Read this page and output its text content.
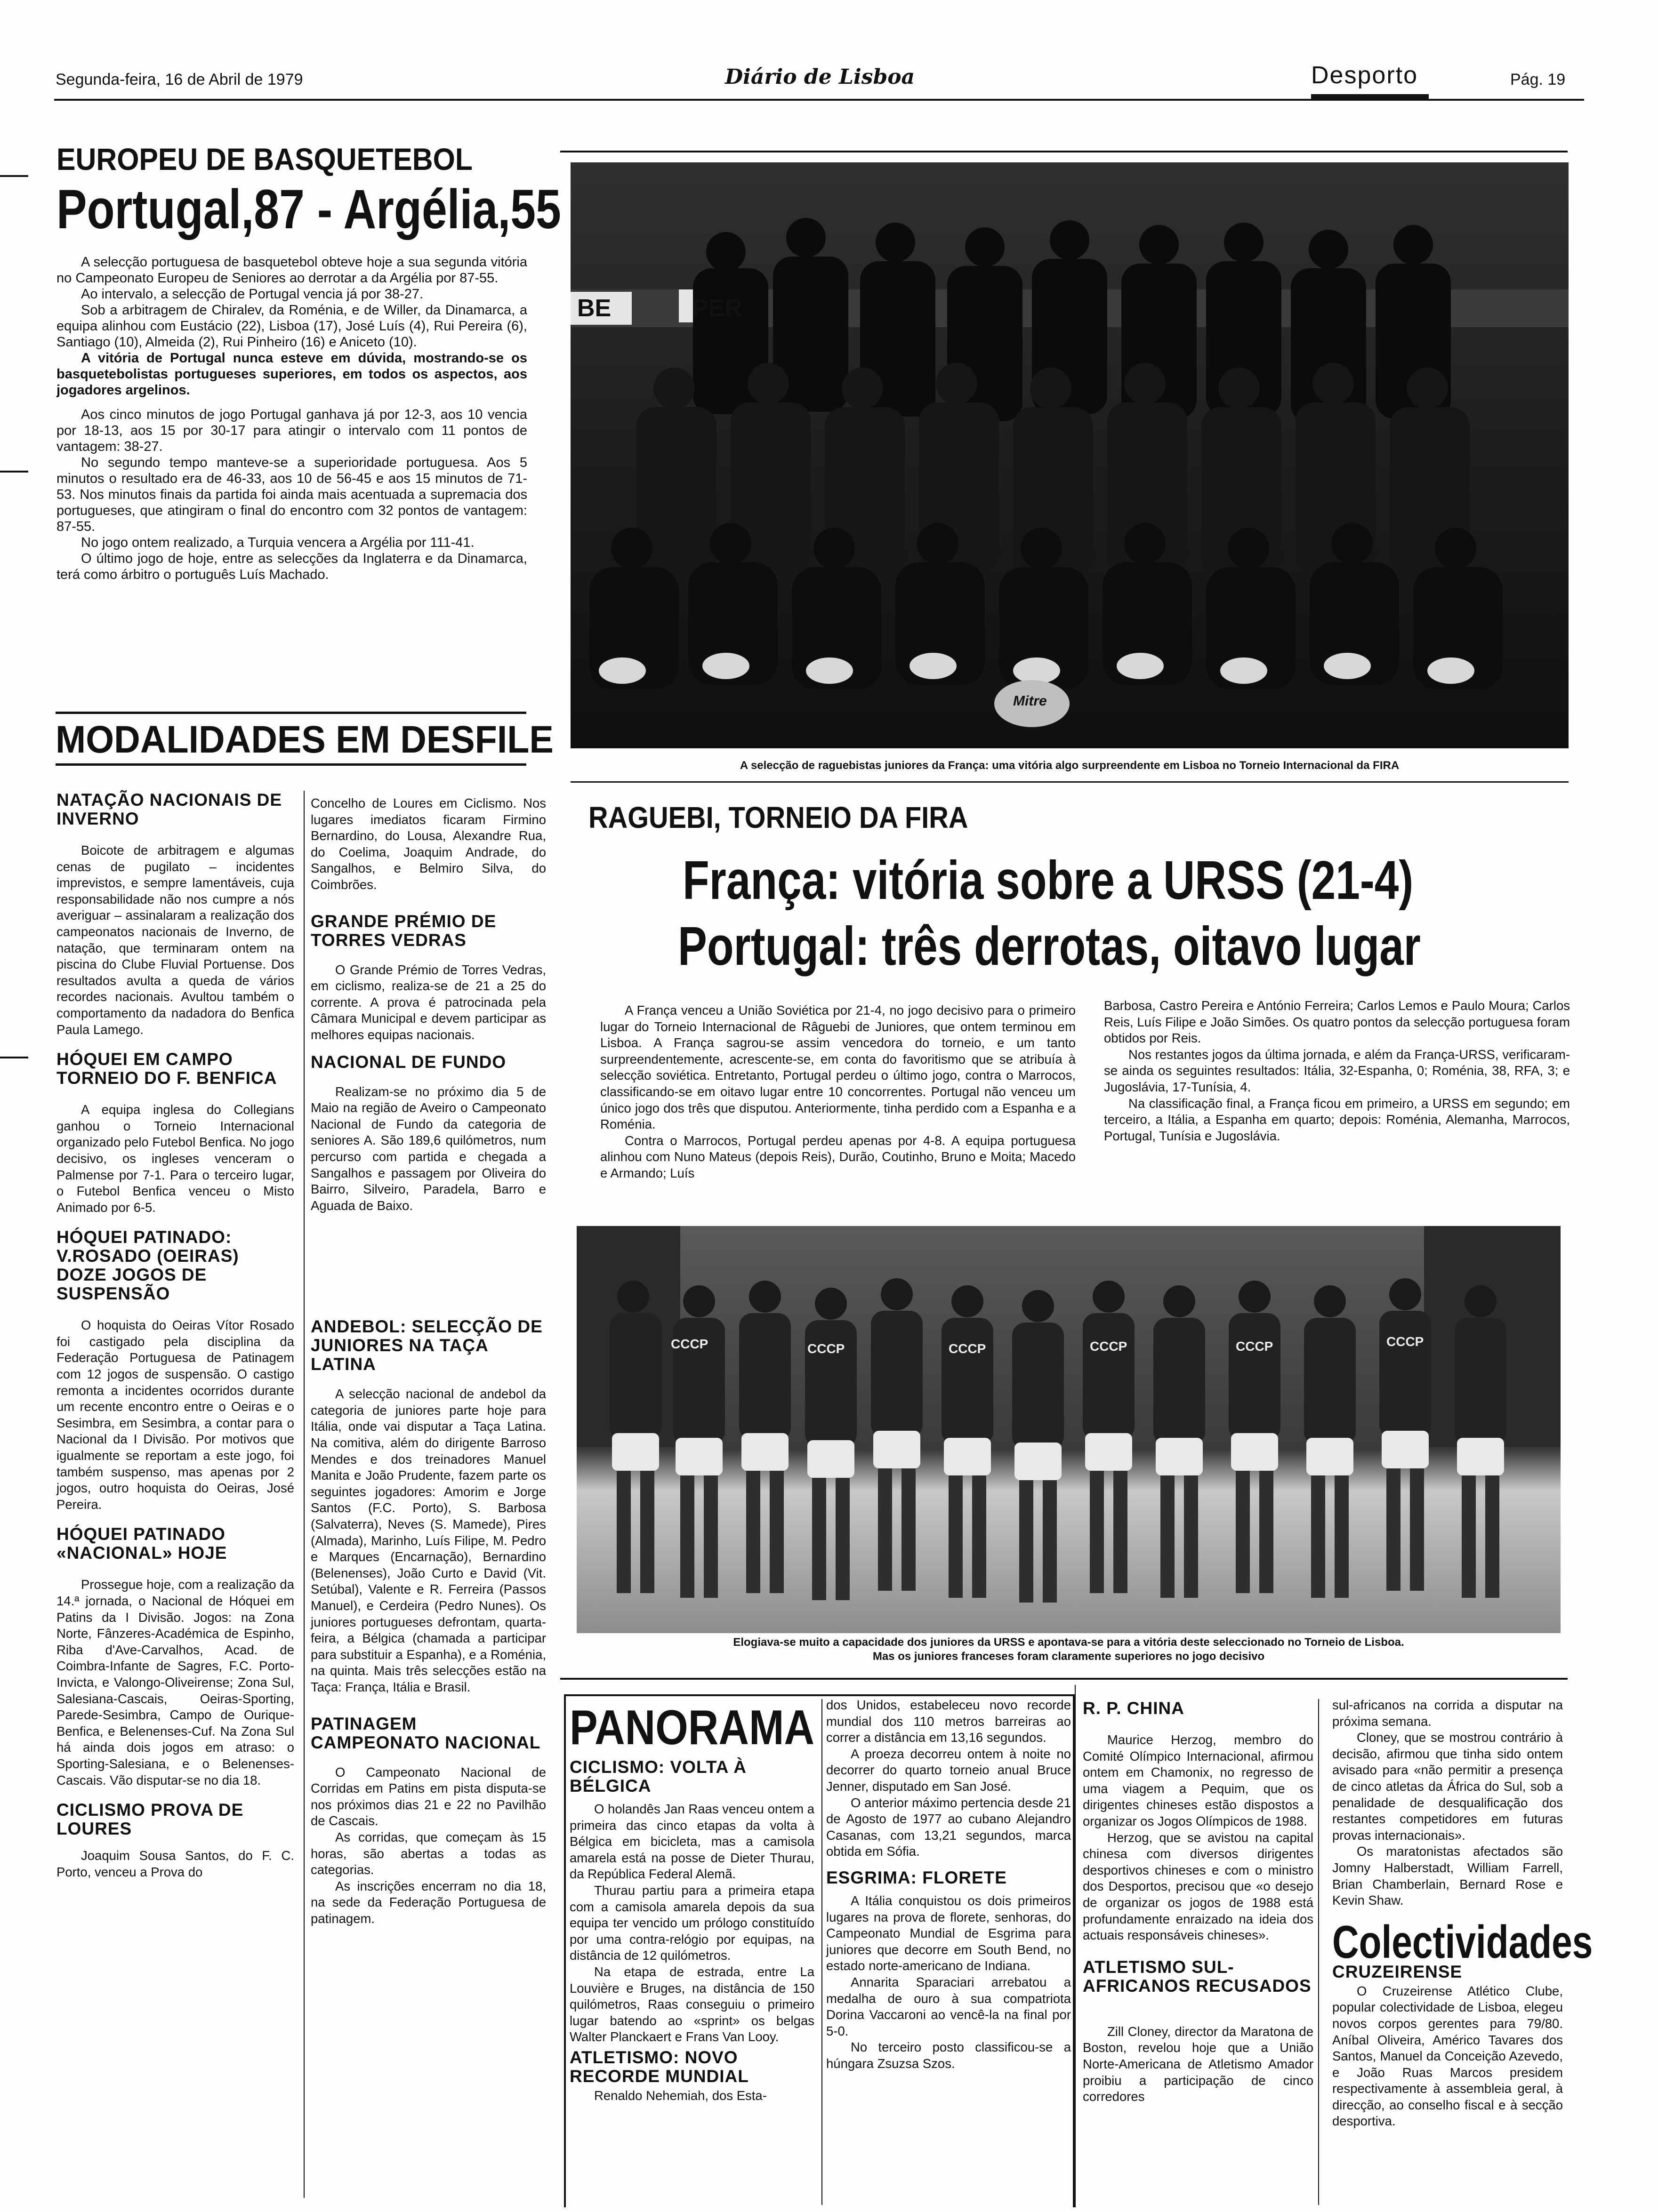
Segunda-feira, 16 de Abril de 1979	Diário de Lisboa	Desporto	Pág. 19
EUROPEU DE BASQUETEBOL
Portugal,87 - Argélia,55

A selecção portuguesa de basquetebol obteve hoje a sua segunda vitória no Campeonato Europeu de Seniores ao derrotar a da Argélia por 87-55.

Ao intervalo, a selecção de Portugal vencia já por 38-27.

Sob a arbitragem de Chiralev, da Roménia, e de Willer, da Dinamarca, a equipa alinhou com Eustácio (22), Lisboa (17), José Luís (4), Rui Pereira (6), Santiago (10), Almeida (2), Rui Pinheiro (16) e Aniceto (10).

A vitória de Portugal nunca esteve em dúvida, mostrando-se os basquetebolistas portugueses superiores, em todos os aspectos, aos jogadores argelinos.

Aos cinco minutos de jogo Portugal ganhava já por 12-3, aos 10 vencia por 18-13, aos 15 por 30-17 para atingir o intervalo com 11 pontos de vantagem: 38-27.

No segundo tempo manteve-se a superioridade portuguesa. Aos 5 minutos o resultado era de 46-33, aos 10 de 56-45 e aos 15 minutos de 71-53. Nos minutos finais da partida foi ainda mais acentuada a supremacia dos portugueses, que atingiram o final do encontro com 32 pontos de vantagem: 87-55.

No jogo ontem realizado, a Turquia vencera a Argélia por 111-41.

O último jogo de hoje, entre as selecções da Inglaterra e da Dinamarca, terá como árbitro o português Luís Machado.

MODALIDADES EM DESFILE
NATAÇÃO NACIONAIS DE INVERNO

Boicote de arbitragem e algumas cenas de pugilato – incidentes imprevistos, e sempre lamentáveis, cuja responsabilidade não nos cumpre a nós averiguar – assinalaram a realização dos campeonatos nacionais de Inverno, de natação, que terminaram ontem na piscina do Clube Fluvial Portuense. Dos resultados avulta a queda de vários recordes nacionais. Avultou também o comportamento da nadadora do Benfica Paula Lamego.

HÓQUEI EM CAMPO TORNEIO DO F. BENFICA

A equipa inglesa do Collegians ganhou o Torneio Internacional organizado pelo Futebol Benfica. No jogo decisivo, os ingleses venceram o Palmense por 7-1. Para o terceiro lugar, o Futebol Benfica venceu o Misto Animado por 6-5.

HÓQUEI PATINADO: V.ROSADO (OEIRAS) DOZE JOGOS DE SUSPENSÃO

O hoquista do Oeiras Vítor Rosado foi castigado pela disciplina da Federação Portuguesa de Patinagem com 12 jogos de suspensão. O castigo remonta a incidentes ocorridos durante um recente encontro entre o Oeiras e o Sesimbra, em Sesimbra, a contar para o Nacional da I Divisão. Por motivos que igualmente se reportam a este jogo, foi também suspenso, mas apenas por 2 jogos, outro hoquista do Oeiras, José Pereira.

HÓQUEI PATINADO «NACIONAL» HOJE

Prossegue hoje, com a realização da 14.ª jornada, o Nacional de Hóquei em Patins da I Divisão. Jogos: na Zona Norte, Fânzeres-Académica de Espinho, Riba d'Ave-Carvalhos, Acad. de Coimbra-Infante de Sagres, F.C. Porto-Invicta, e Valongo-Oliveirense; Zona Sul, Salesiana-Cascais, Oeiras-Sporting, Parede-Sesimbra, Campo de Ourique-Benfica, e Belenenses-Cuf. Na Zona Sul há ainda dois jogos em atraso: o Sporting-Salesiana, e o Belenenses-Cascais. Vão disputar-se no dia 18.

CICLISMO PROVA DE LOURES

Joaquim Sousa Santos, do F. C. Porto, venceu a Prova do

Concelho de Loures em Ciclismo. Nos lugares imediatos ficaram Firmino Bernardino, do Lousa, Alexandre Rua, do Coelima, Joaquim Andrade, do Sangalhos, e Belmiro Silva, do Coimbrões.

GRANDE PRÉMIO DE TORRES VEDRAS

O Grande Prémio de Torres Vedras, em ciclismo, realiza-se de 21 a 25 do corrente. A prova é patrocinada pela Câmara Municipal e devem participar as melhores equipas nacionais.

NACIONAL DE FUNDO

Realizam-se no próximo dia 5 de Maio na região de Aveiro o Campeonato Nacional de Fundo da categoria de seniores A. São 189,6 quilómetros, num percurso com partida e chegada a Sangalhos e passagem por Oliveira do Bairro, Silveiro, Paradela, Barro e Aguada de Baixo.

ANDEBOL: SELECÇÃO DE JUNIORES NA TAÇA LATINA

A selecção nacional de andebol da categoria de juniores parte hoje para Itália, onde vai disputar a Taça Latina. Na comitiva, além do dirigente Barroso Mendes e dos treinadores Manuel Manita e João Prudente, fazem parte os seguintes jogadores: Amorim e Jorge Santos (F.C. Porto), S. Barbosa (Salvaterra), Neves (S. Mamede), Pires (Almada), Marinho, Luís Filipe, M. Pedro e Marques (Encarnação), Bernardino (Belenenses), João Curto e David (Vit. Setúbal), Valente e R. Ferreira (Passos Manuel), e Cerdeira (Pedro Nunes). Os juniores portugueses defrontam, quarta-feira, a Bélgica (chamada a participar para substituir a Espanha), e a Roménia, na quinta. Mais três selecções estão na Taça: França, Itália e Brasil.

PATINAGEM CAMPEONATO NACIONAL

O Campeonato Nacional de Corridas em Patins em pista disputa-se nos próximos dias 21 e 22 no Pavilhão de Cascais.

As corridas, que começam às 15 horas, são abertas a todas as categorias.

As inscrições encerram no dia 18, na sede da Federação Portuguesa de patinagem.

BE	PER
Mitre
A selecção de raguebistas juniores da França: uma vitória algo surpreendente em Lisboa no Torneio Internacional da FIRA
RAGUEBI, TORNEIO DA FIRA
França: vitória sobre a URSS (21-4)
Portugal: três derrotas, oitavo lugar

A França venceu a União Soviética por 21-4, no jogo decisivo para o primeiro lugar do Torneio Internacional de Râguebi de Juniores, que ontem terminou em Lisboa. A França sagrou-se assim vencedora do torneio, e um tanto surpreendentemente, acrescente-se, em conta do favoritismo que se atribuía à selecção soviética. Entretanto, Portugal perdeu o último jogo, contra o Marrocos, classificando-se em oitavo lugar entre 10 concorrentes. Portugal não venceu um único jogo dos três que disputou. Anteriormente, tinha perdido com a Espanha e a Roménia.

Contra o Marrocos, Portugal perdeu apenas por 4-8. A equipa portuguesa alinhou com Nuno Mateus (depois Reis), Durão, Coutinho, Bruno e Moita; Macedo e Armando; Luís

Barbosa, Castro Pereira e António Ferreira; Carlos Lemos e Paulo Moura; Carlos Reis, Luís Filipe e João Simões. Os quatro pontos da selecção portuguesa foram obtidos por Reis.

Nos restantes jogos da última jornada, e além da França-URSS, verificaram-se ainda os seguintes resultados: Itália, 32-Espanha, 0; Roménia, 38, RFA, 3; e Jugoslávia, 17-Tunísia, 4.

Na classificação final, a França ficou em primeiro, a URSS em segundo; em terceiro, a Itália, a Espanha em quarto; depois: Roménia, Alemanha, Marrocos, Portugal, Tunísia e Jugoslávia.

CCCP	CCCP	CCCP	CCCP	CCCP	CCCP
Elogiava-se muito a capacidade dos juniores da URSS e apontava-se para a vitória deste seleccionado no Torneio de Lisboa.
Mas os juniores franceses foram claramente superiores no jogo decisivo
PANORAMA
CICLISMO: VOLTA À BÉLGICA

O holandês Jan Raas venceu ontem a primeira das cinco etapas da volta à Bélgica em bicicleta, mas a camisola amarela está na posse de Dieter Thurau, da República Federal Alemã.

Thurau partiu para a primeira etapa com a camisola amarela depois da sua equipa ter vencido um prólogo constituído por uma contra-relógio por equipas, na distância de 12 quilómetros.

Na etapa de estrada, entre La Louvière e Bruges, na distância de 150 quilómetros, Raas conseguiu o primeiro lugar batendo ao «sprint» os belgas Walter Planckaert e Frans Van Looy.

ATLETISMO: NOVO RECORDE MUNDIAL

Renaldo Nehemiah, dos Esta-

dos Unidos, estabeleceu novo recorde mundial dos 110 metros barreiras ao correr a distância em 13,16 segundos.

A proeza decorreu ontem à noite no decorrer do quarto torneio anual Bruce Jenner, disputado em San José.

O anterior máximo pertencia desde 21 de Agosto de 1977 ao cubano Alejandro Casanas, com 13,21 segundos, marca obtida em Sófia.

ESGRIMA: FLORETE

A Itália conquistou os dois primeiros lugares na prova de florete, senhoras, do Campeonato Mundial de Esgrima para juniores que decorre em South Bend, no estado norte-americano de Indiana.

Annarita Sparaciari arrebatou a medalha de ouro à sua compatriota Dorina Vaccaroni ao vencê-la na final por 5-0.

No terceiro posto classificou-se a húngara Zsuzsa Szos.

R. P. CHINA

Maurice Herzog, membro do Comité Olímpico Internacional, afirmou ontem em Chamonix, no regresso de uma viagem a Pequim, que os dirigentes chineses estão dispostos a organizar os Jogos Olímpicos de 1988.

Herzog, que se avistou na capital chinesa com diversos dirigentes desportivos chineses e com o ministro dos Desportos, precisou que «o desejo de organizar os jogos de 1988 está profundamente enraizado na ideia dos actuais responsáveis chineses».

ATLETISMO SUL-AFRICANOS RECUSADOS

Zill Cloney, director da Maratona de Boston, revelou hoje que a União Norte-Americana de Atletismo Amador proibiu a participação de cinco corredores

sul-africanos na corrida a disputar na próxima semana.

Cloney, que se mostrou contrário à decisão, afirmou que tinha sido ontem avisado para «não permitir a presença de cinco atletas da África do Sul, sob a penalidade de desqualificação dos restantes competidores em futuras provas internacionais».

Os maratonistas afectados são Jomny Halberstadt, William Farrell, Brian Chamberlain, Bernard Rose e Kevin Shaw.

Colectividades
CRUZEIRENSE

O Cruzeirense Atlético Clube, popular colectividade de Lisboa, elegeu novos corpos gerentes para 79/80. Aníbal Oliveira, Américo Tavares dos Santos, Manuel da Conceição Azevedo, e João Ruas Marcos presidem respectivamente à assembleia geral, à direcção, ao conselho fiscal e à secção desportiva.
